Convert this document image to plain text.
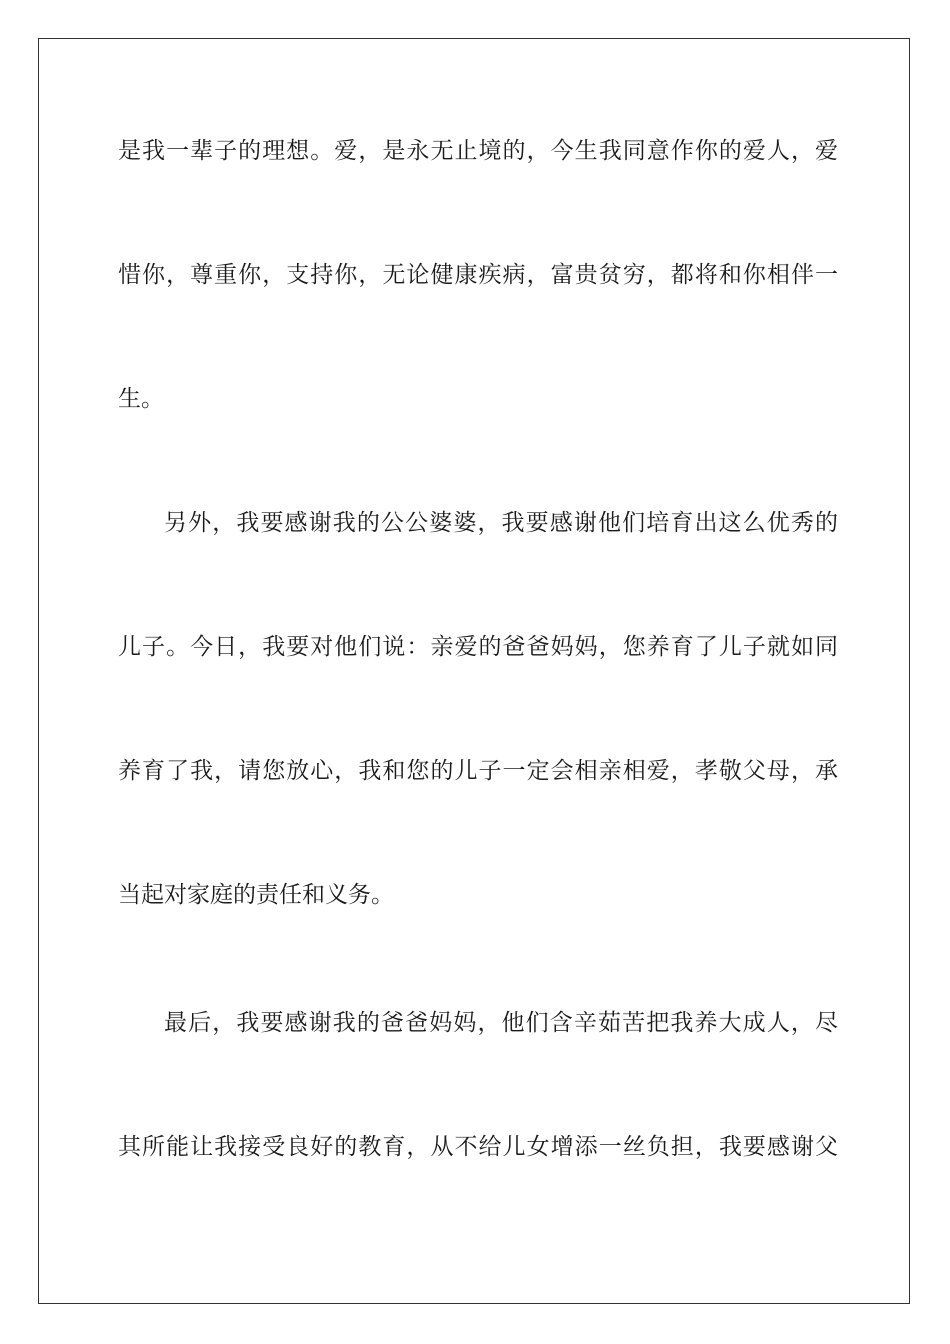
是我一辈子的理想。爱，是永无止境的，今生我同意作你的爱人，爱
惜你，尊重你，支持你，无论健康疾病，富贵贫穷，都将和你相伴一
生。
另外，我要感谢我的公公婆婆，我要感谢他们培育出这么优秀的
儿子。今日，我要对他们说：亲爱的爸爸妈妈，您养育了儿子就如同
养育了我，请您放心，我和您的儿子一定会相亲相爱，孝敬父母，承
当起对家庭的责任和义务。
最后，我要感谢我的爸爸妈妈，他们含辛茹苦把我养大成人，尽
其所能让我接受良好的教育，从不给儿女增添一丝负担，我要感谢父
